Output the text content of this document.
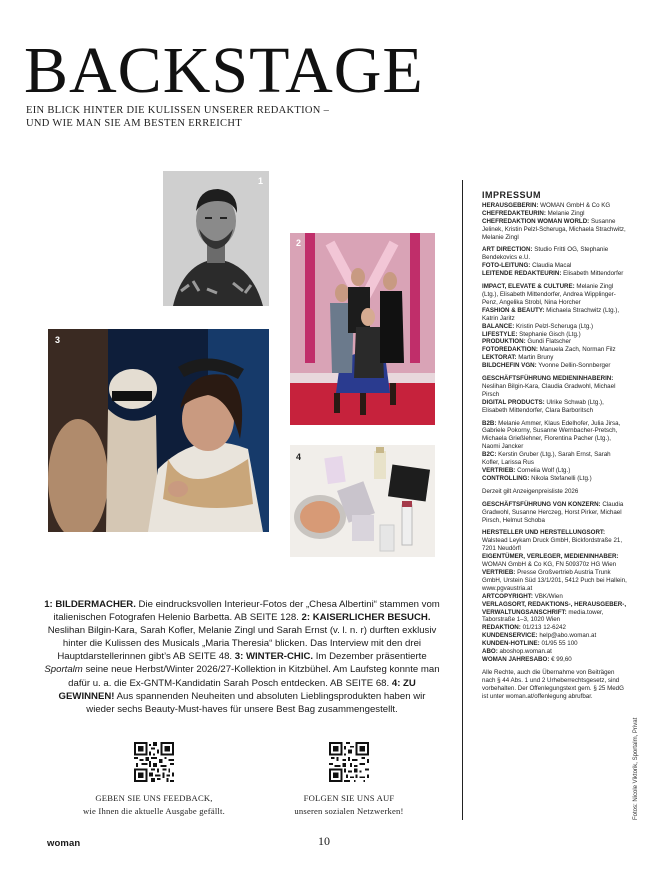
BACKSTAGE
EIN BLICK HINTER DIE KULISSEN UNSERER REDAKTION –
UND WIE MAN SIE AM BESTEN ERREICHT
1
2
3
4

1: BILDERMACHER. Die eindrucksvollen Interieur-Fotos der „Chesa Albertini“ stammen vom italienischen Fotografen Helenio Barbetta. AB SEITE 128. 2: KAISERLICHER BESUCH. Neslihan Bilgin-Kara, Sarah Kofler, Melanie Zingl und Sarah Ernst (v. l. n. r) durften exklusiv hinter die Kulissen des Musicals „Maria Theresia“ blicken. Das Interview mit den drei Hauptdarstellerinnen gibt’s AB SEITE 48. 3: WINTER-CHIC. Im Dezember präsentierte Sportalm seine neue Herbst/Winter 2026/27-Kollektion in Kitzbühel. Am Laufsteg konnte man dafür u. a. die Ex-GNTM-Kandidatin Sarah Posch entdecken. AB SEITE 68. 4: ZU GEWINNEN! Aus spannenden Neuheiten und absoluten Lieblingsprodukten haben wir wieder sechs Beauty-Must-haves für unsere Best Bag zusammengestellt.

GEBEN SIE UNS FEEDBACK,
wie Ihnen die aktuelle Ausgabe gefällt.
FOLGEN SIE UNS AUF
unseren sozialen Netzwerken!
woman	10
IMPRESSUM
HERAUSGEBERIN: WOMAN GmbH & Co KG
CHEFREDAKTEURIN: Melanie Zingl
CHEFREDAKTION WOMAN WORLD: Susanne Jelinek, Kristin Pelzl-Scheruga, Michaela Strachwitz, Melanie Zingl
ART DIRECTION: Studio Fritti OG, Stephanie Bendekovics e.U.
FOTO-LEITUNG: Claudia Macal
LEITENDE REDAKTEURIN: Elisabeth Mittendorfer
IMPACT, ELEVATE & CULTURE: Melanie Zingl (Ltg.), Elisabeth Mittendorfer, Andrea Wipplinger-Penz, Angelika Strobl, Nina Horcher
FASHION & BEAUTY: Michaela Strachwitz (Ltg.), Katrin Jaritz
BALANCE: Kristin Pelzl-Scheruga (Ltg.)
LIFESTYLE: Stephanie Gisch (Ltg.)
PRODUKTION: Gundi Flatscher
FOTOREDAKTION: Manuela Zach, Norman Filz
LEKTORAT: Martin Bruny
BILDCHEFIN VGN: Yvonne Dellin-Sonnberger
GESCHÄFTSFÜHRUNG MEDIENINHABERIN: Neslihan Bilgin-Kara, Claudia Gradwohl, Michael Pirsch
DIGITAL PRODUCTS: Ulrike Schwab (Ltg.), Elisabeth Mittendorfer, Clara Barboritsch
B2B: Melanie Ammer, Klaus Edelhofer, Julia Jirsa, Gabriele Pokorny, Susanne Wernbacher-Pretsch, Michaela Grießlehner, Florentina Pacher (Ltg.), Naomi Jancker
B2C: Kerstin Gruber (Ltg.), Sarah Ernst, Sarah Kofler, Larissa Rus
VERTRIEB: Cornelia Wolf (Ltg.)
CONTROLLING: Nikola Stefanelli (Ltg.)
Derzeit gilt Anzeigenpreisliste 2026
GESCHÄFTSFÜHRUNG VGN KONZERN: Claudia Gradwohl, Susanne Herczeg, Horst Pirker, Michael Pirsch, Helmut Schoba
HERSTELLER UND HERSTELLUNGSORT: Walstead Leykam Druck GmbH, Bickfordstraße 21, 7201 Neudörfl
EIGENTÜMER, VERLEGER, MEDIENINHABER: WOMAN GmbH & Co KG, FN 509370z HG Wien
VERTRIEB: Presse Großvertrieb Austria Trunk GmbH, Urstein Süd 13/1/201, 5412 Puch bei Hallein, www.pgvaustria.at
ARTCOPYRIGHT: VBK/Wien
VERLAGSORT, REDAKTIONS-, HERAUSGEBER-, VERWALTUNGSANSCHRIFT: media.tower, Taborstraße 1–3, 1020 Wien
REDAKTION: 01/213 12-6242
KUNDENSERVICE: help@abo.woman.at
KUNDEN-HOTLINE: 01/95 55 100
ABO: aboshop.woman.at
WOMAN JAHRESABO: € 99,60
Alle Rechte, auch die Übernahme von Beiträgen nach § 44 Abs. 1 und 2 Urheberrechtsgesetz, sind vorbehalten. Der Offenlegungstext gem. § 25 MedG ist unter woman.at/offenlegung abrufbar.
Fotos: Nicole Viktorik, Sportalm, Privat
